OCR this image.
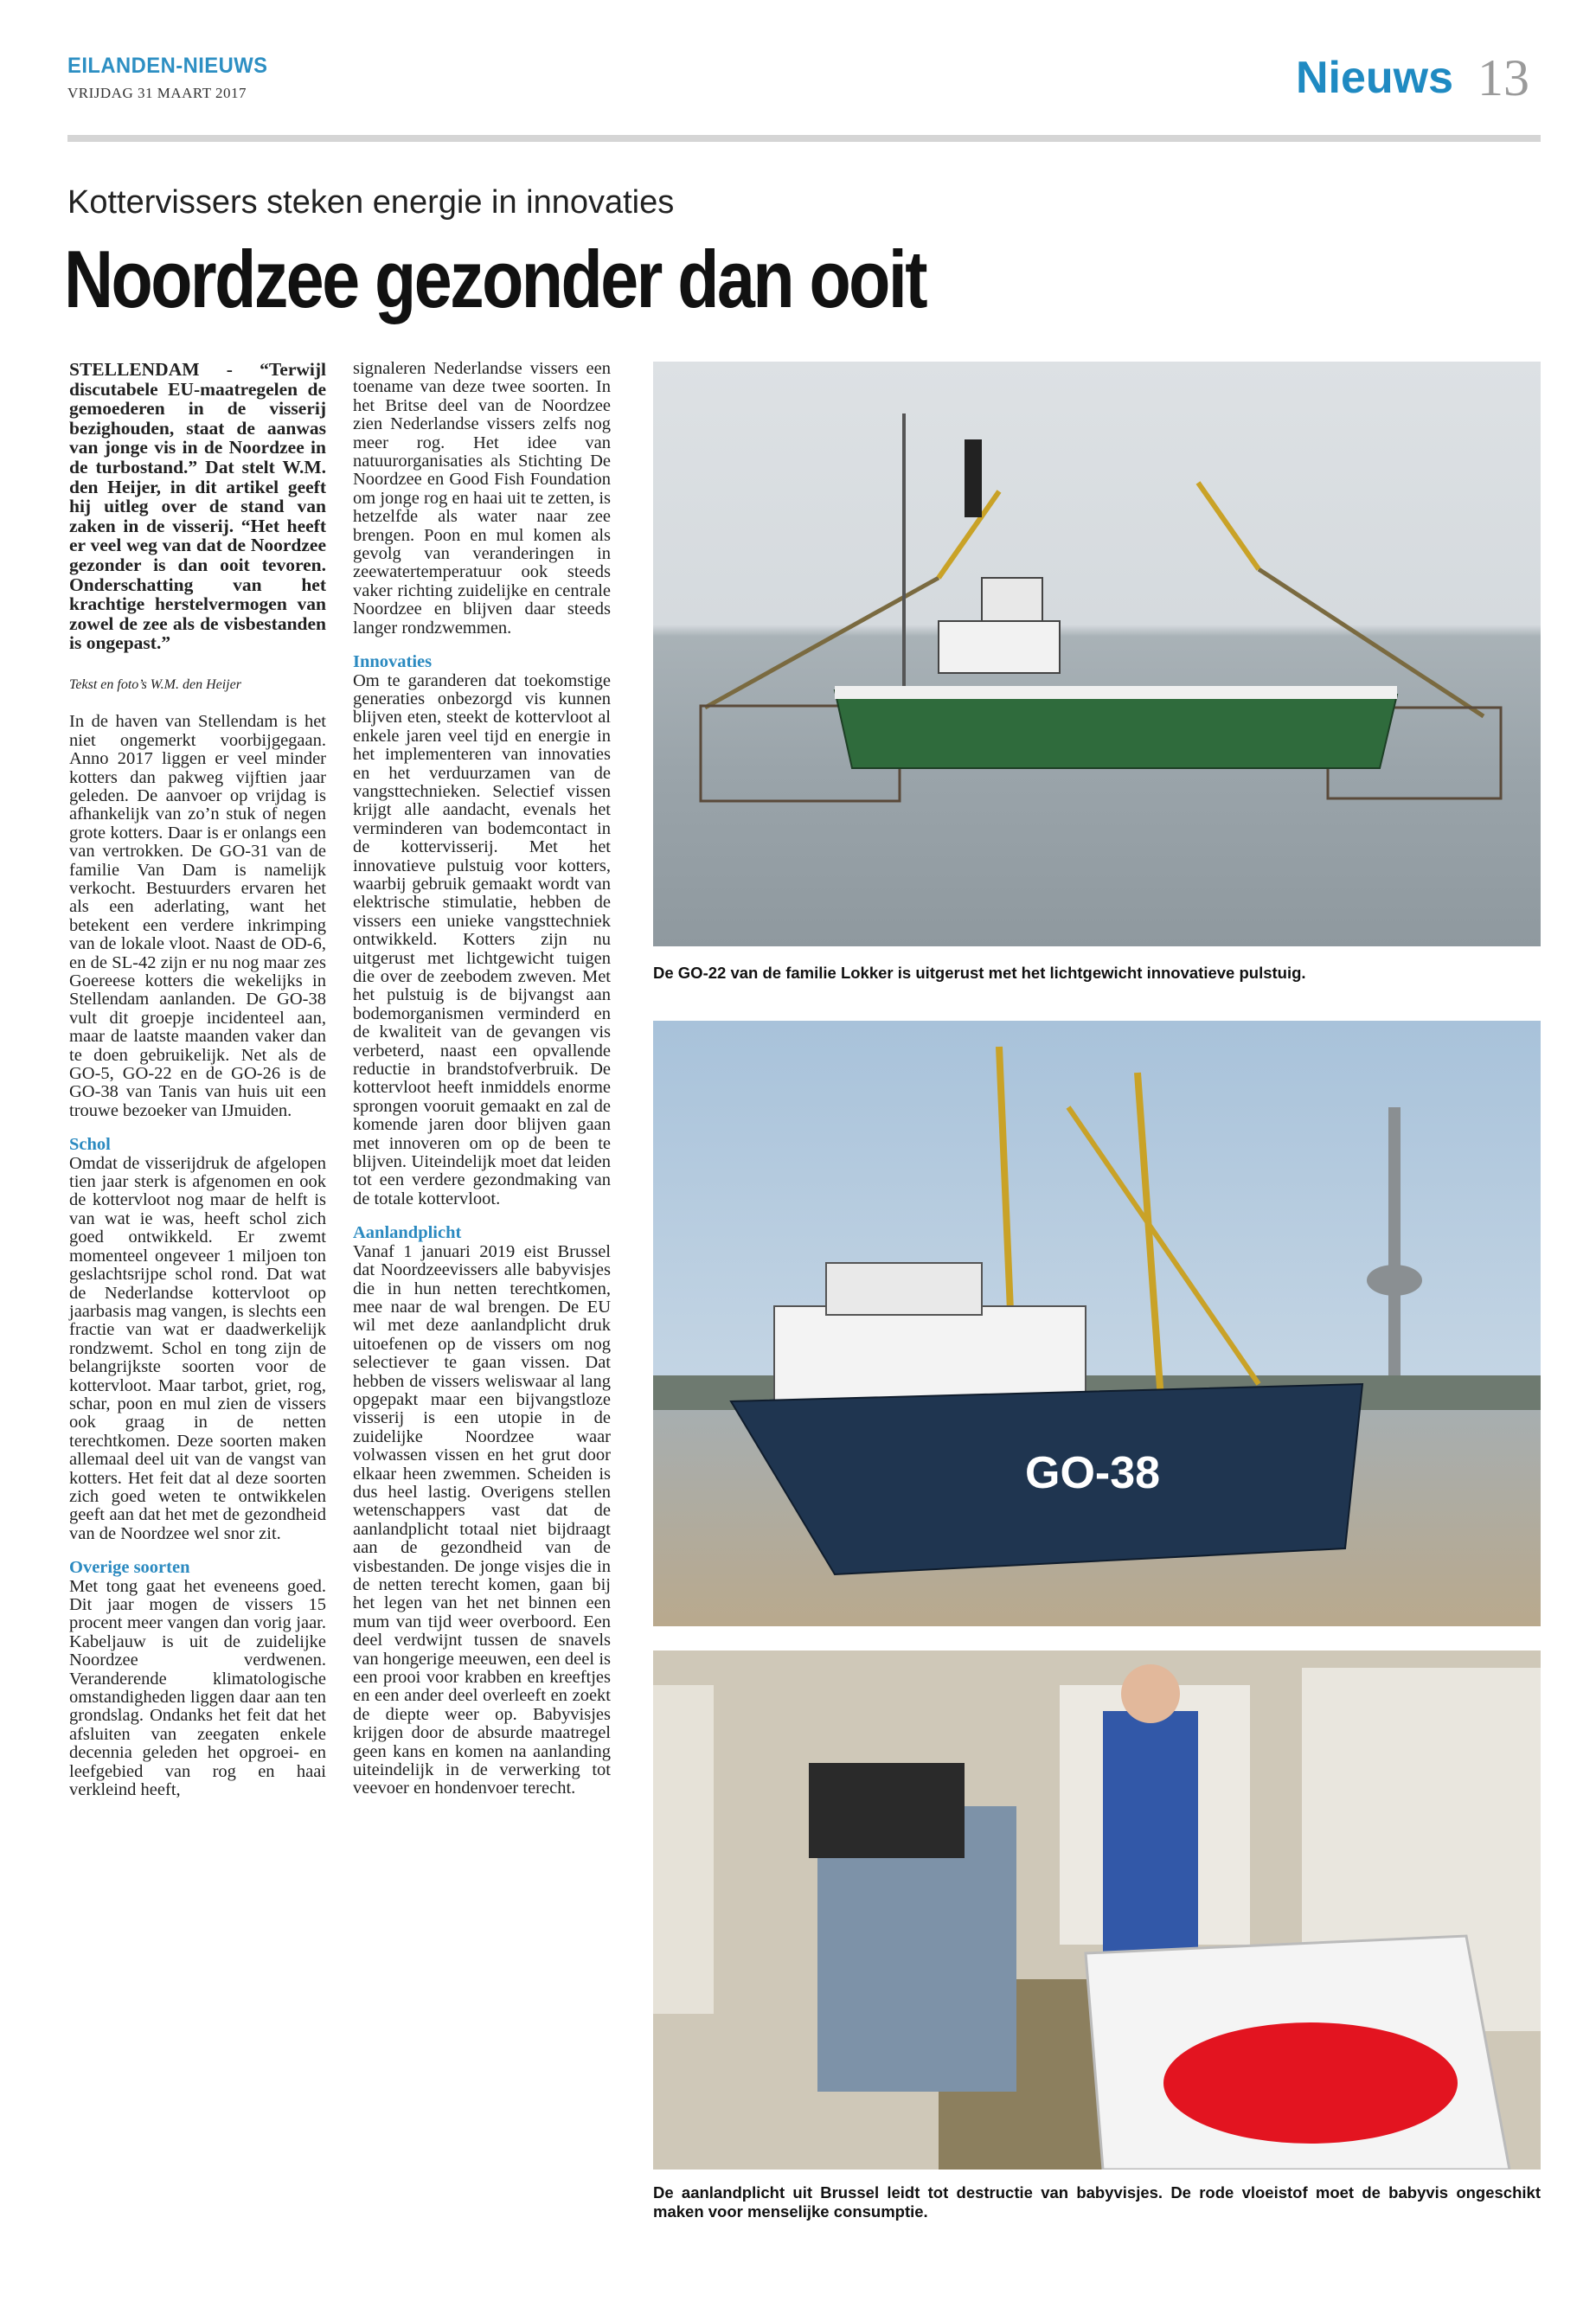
EILANDEN-NIEUWS
VRIJDAG 31 MAART 2017	Nieuws 13
Kottervissers steken energie in innovaties
Noordzee gezonder dan ooit

STELLENDAM - “Terwijl discutabele EU-maatregelen de gemoederen in de visserij bezighouden, staat de aanwas van jonge vis in de Noordzee in de turbostand.” Dat stelt W.M. den Heijer, in dit artikel geeft hij uitleg over de stand van zaken in de visserij. “Het heeft er veel weg van dat de Noordzee gezonder is dan ooit tevoren. Onderschatting van het krachtige herstelvermogen van zowel de zee als de visbestanden is ongepast.”

Tekst en foto’s W.M. den Heijer

In de haven van Stellendam is het niet ongemerkt voorbijgegaan. Anno 2017 liggen er veel minder kotters dan pakweg vijftien jaar geleden. De aanvoer op vrijdag is afhankelijk van zo’n stuk of negen grote kotters. Daar is er onlangs een van vertrokken. De GO-31 van de familie Van Dam is namelijk verkocht. Bestuurders ervaren het als een aderlating, want het betekent een verdere inkrimping van de lokale vloot. Naast de OD-6, en de SL-42 zijn er nu nog maar zes Goereese kotters die wekelijks in Stellendam aanlanden. De GO-38 vult dit groepje incidenteel aan, maar de laatste maanden vaker dan te doen gebruikelijk. Net als de GO-5, GO-22 en de GO-26 is de GO-38 van Tanis van huis uit een trouwe bezoeker van IJmuiden.

Schol
Omdat de visserijdruk de afgelopen tien jaar sterk is afgenomen en ook de kottervloot nog maar de helft is van wat ie was, heeft schol zich goed ontwikkeld. Er zwemt momenteel ongeveer 1 miljoen ton geslachtsrijpe schol rond. Dat wat de Nederlandse kottervloot op jaarbasis mag vangen, is slechts een fractie van wat er daadwerkelijk rondzwemt. Schol en tong zijn de belangrijkste soorten voor de kottervloot. Maar tarbot, griet, rog, schar, poon en mul zien de vissers ook graag in de netten terechtkomen. Deze soorten maken allemaal deel uit van de vangst van kotters. Het feit dat al deze soorten zich goed weten te ontwikkelen geeft aan dat het met de gezondheid van de Noordzee wel snor zit.

Overige soorten
Met tong gaat het eveneens goed. Dit jaar mogen de vissers 15 procent meer vangen dan vorig jaar. Kabeljauw is uit de zuidelijke Noordzee verdwenen. Veranderende klimatologische omstandigheden liggen daar aan ten grondslag. Ondanks het feit dat het afsluiten van zeegaten enkele decennia geleden het opgroei- en leefgebied van rog en haai verkleind heeft,

signaleren Nederlandse vissers een toename van deze twee soorten. In het Britse deel van de Noordzee zien Nederlandse vissers zelfs nog meer rog. Het idee van natuurorganisaties als Stichting De Noordzee en Good Fish Foundation om jonge rog en haai uit te zetten, is hetzelfde als water naar zee brengen. Poon en mul komen als gevolg van veranderingen in zeewatertemperatuur ook steeds vaker richting zuidelijke en centrale Noordzee en blijven daar steeds langer rondzwemmen.

Innovaties
Om te garanderen dat toekomstige generaties onbezorgd vis kunnen blijven eten, steekt de kottervloot al enkele jaren veel tijd en energie in het implementeren van innovaties en het verduurzamen van de vangsttechnieken. Selectief vissen krijgt alle aandacht, evenals het verminderen van bodemcontact in de kottervisserij. Met het innovatieve pulstuig voor kotters, waarbij gebruik gemaakt wordt van elektrische stimulatie, hebben de vissers een unieke vangsttechniek ontwikkeld. Kotters zijn nu uitgerust met lichtgewicht tuigen die over de zeebodem zweven. Met het pulstuig is de bijvangst aan bodemorganismen verminderd en de kwaliteit van de gevangen vis verbeterd, naast een opvallende reductie in brandstofverbruik. De kottervloot heeft inmiddels enorme sprongen vooruit gemaakt en zal de komende jaren door blijven gaan met innoveren om op de been te blijven. Uiteindelijk moet dat leiden tot een verdere gezondmaking van de totale kottervloot.

Aanlandplicht
Vanaf 1 januari 2019 eist Brussel dat Noordzeevissers alle babyvisjes die in hun netten terechtkomen, mee naar de wal brengen. De EU wil met deze aanlandplicht druk uitoefenen op de vissers om nog selectiever te gaan vissen. Dat hebben de vissers weliswaar al lang opgepakt maar een bijvangstloze visserij is een utopie in de zuidelijke Noordzee waar volwassen vissen en het grut door elkaar heen zwemmen. Scheiden is dus heel lastig. Overigens stellen wetenschappers vast dat de aanlandplicht totaal niet bijdraagt aan de gezondheid van de visbestanden. De jonge visjes die in de netten terecht komen, gaan bij het legen van het net binnen een mum van tijd weer overboord. Een deel verdwijnt tussen de snavels van hongerige meeuwen, een deel is een prooi voor krabben en kreeftjes en een ander deel overleeft en zoekt de diepte weer op. Babyvisjes krijgen door de absurde maatregel geen kans en komen na aanlanding uiteindelijk in de verwerking tot veevoer en hondenvoer terecht.

De GO-22 van de familie Lokker is uitgerust met het lichtgewicht innovatieve pulstuig.
GO-38
De aanlandplicht uit Brussel leidt tot destructie van babyvisjes. De rode vloeistof moet de babyvis ongeschikt maken voor menselijke consumptie.
